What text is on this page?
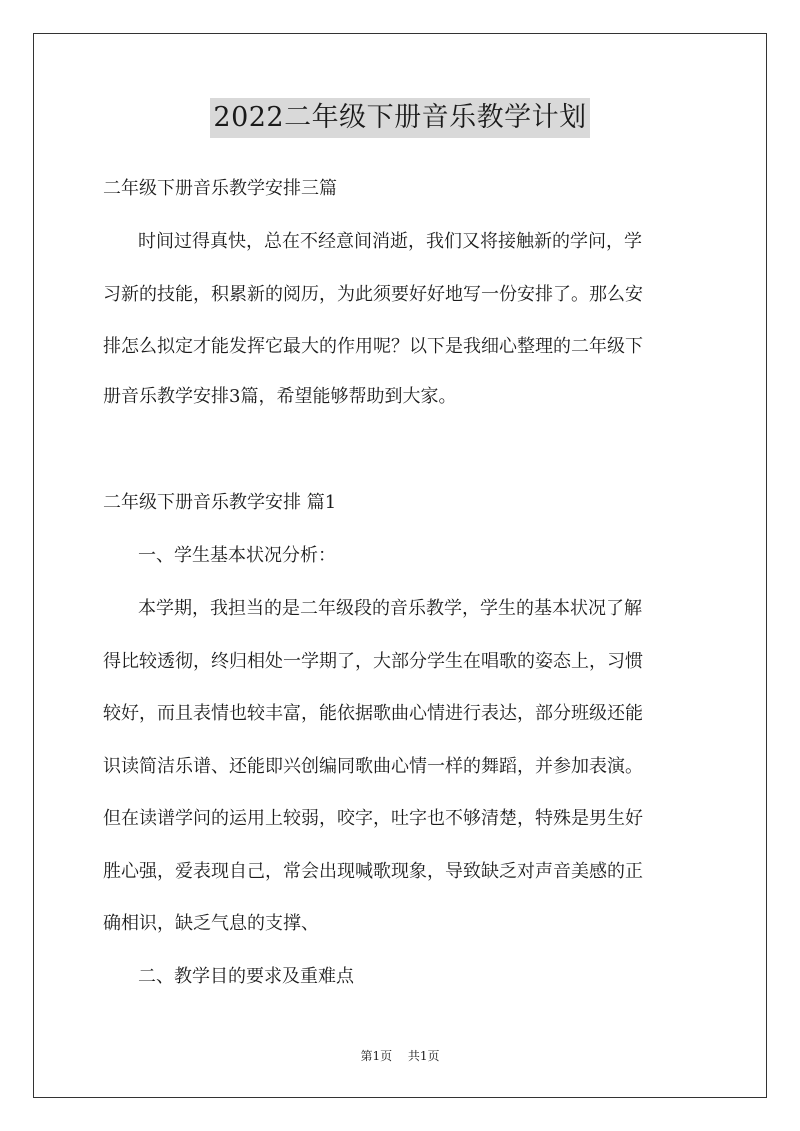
2022二年级下册音乐教学计划
二年级下册音乐教学安排三篇
时间过得真快，总在不经意间消逝，我们又将接触新的学问，学
习新的技能，积累新的阅历，为此须要好好地写一份安排了。那么安
排怎么拟定才能发挥它最大的作用呢？以下是我细心整理的二年级下
册音乐教学安排3篇，希望能够帮助到大家。
二年级下册音乐教学安排 篇1
一、学生基本状况分析：
本学期，我担当的是二年级段的音乐教学，学生的基本状况了解
得比较透彻，终归相处一学期了，大部分学生在唱歌的姿态上，习惯
较好，而且表情也较丰富，能依据歌曲心情进行表达，部分班级还能
识读简洁乐谱、还能即兴创编同歌曲心情一样的舞蹈，并参加表演。
但在读谱学问的运用上较弱，咬字，吐字也不够清楚，特殊是男生好
胜心强，爱表现自己，常会出现喊歌现象，导致缺乏对声音美感的正
确相识，缺乏气息的支撑、
二、教学目的要求及重难点
第1页 共1页
